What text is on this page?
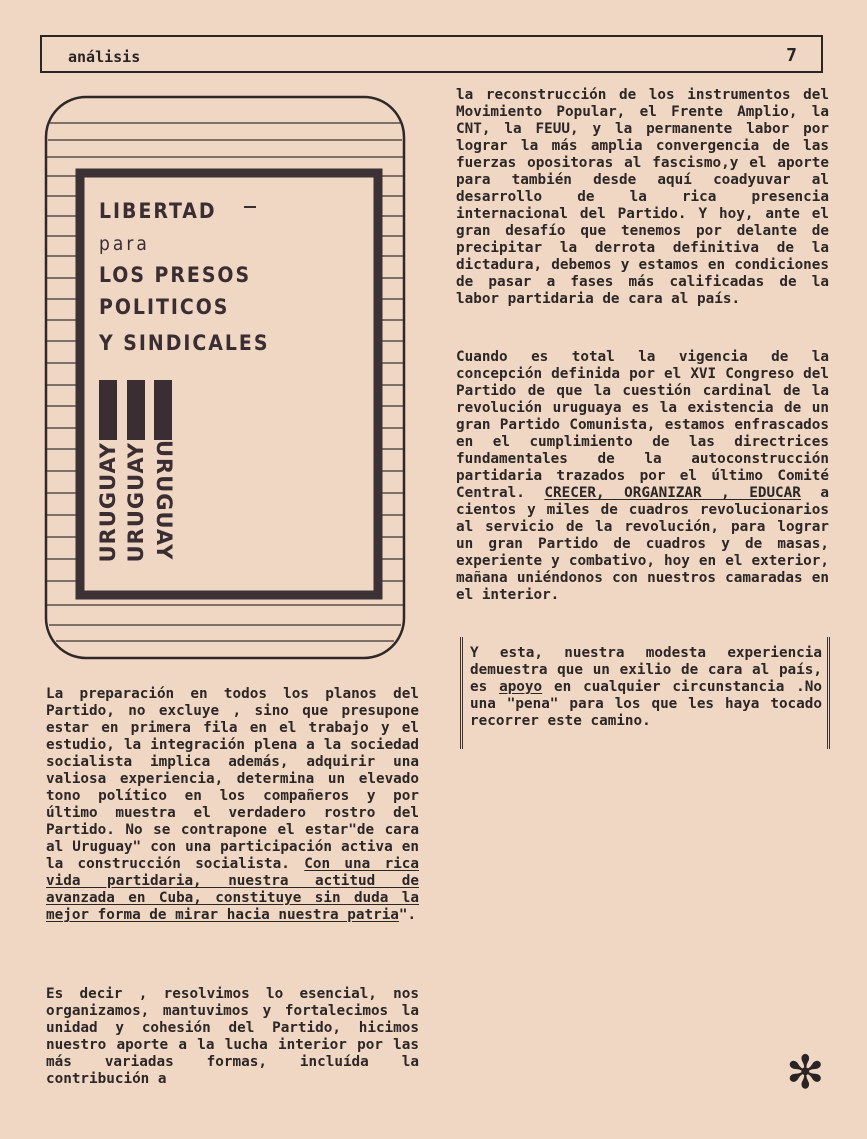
análisis	7
LIBERTAD
para
LOS PRESOS
POLITICOS
Y SINDICALES
URUGUAY URUGUAY URUGUAY

La preparación en todos los planos del Partido, no excluye , sino que presupone estar en primera fila en el trabajo y el estudio, la integración plena a la sociedad socialista implica además, adquirir una valiosa experiencia, determina un elevado tono político en los compañeros y por último muestra el verdadero rostro del Partido. No se contrapone el estar"de cara al Uruguay" con una participación activa en la construcción socialista. Con una rica vida partidaria, nuestra actitud de avanzada en Cuba, constituye sin duda la mejor forma de mirar hacia nuestra patria".

Es decir , resolvimos lo esencial, nos organizamos, mantuvimos y fortalecimos la unidad y cohesión del Partido, hicimos nuestro aporte a la lucha interior por las más variadas formas, incluída la contribución a

la reconstrucción de los instrumentos del Movimiento Popular, el Frente Amplio, la CNT, la FEUU, y la permanente labor por lograr la más amplia convergencia de las fuerzas opositoras al fascismo,y el aporte para también desde aquí coadyuvar al desarrollo de la rica presencia internacional del Partido. Y hoy, ante el gran desafío que tenemos por delante de precipitar la derrota definitiva de la dictadura, debemos y estamos en condiciones de pasar a fases más calificadas de la labor partidaria de cara al país.

Cuando es total la vigencia de la concepción definida por el XVI Congreso del Partido de que la cuestión cardinal de la revolución uruguaya es la existencia de un gran Partido Comunista, estamos enfrascados en el cumplimiento de las directrices fundamentales de la autoconstrucción partidaria trazados por el último Comité Central. CRECER, ORGANIZAR , EDUCAR a cientos y miles de cuadros revolucionarios al servicio de la revolución, para lograr un gran Partido de cuadros y de masas, experiente y combativo, hoy en el exterior, mañana uniéndonos con nuestros camaradas en el interior.

Y esta, nuestra modesta experiencia demuestra que un exilio de cara al país, es apoyo en cualquier circunstancia .No una "pena" para los que les haya tocado recorrer este camino.

✻
